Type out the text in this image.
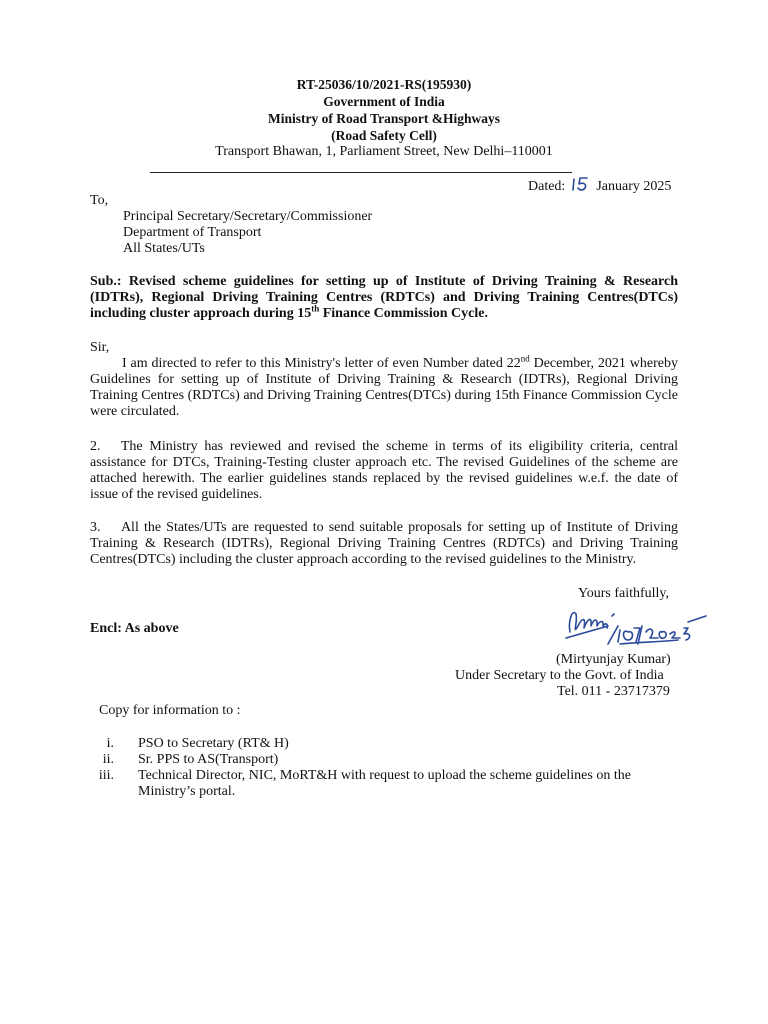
RT-25036/10/2021-RS(195930)
Government of India
Ministry of Road Transport &Highways
(Road Safety Cell)
Transport Bhawan, 1, Parliament Street, New Delhi–110001
Dated: January 2025
To,
Principal Secretary/Secretary/Commissioner
Department of Transport
All States/UTs
Sub.: Revised scheme guidelines for setting up of Institute of Driving Training & Research (IDTRs), Regional Driving Training Centres (RDTCs) and Driving Training Centres(DTCs) including cluster approach during 15th Finance Commission Cycle.
Sir,
I am directed to refer to this Ministry's letter of even Number dated 22nd December, 2021 whereby Guidelines for setting up of Institute of Driving Training & Research (IDTRs), Regional Driving Training Centres (RDTCs) and Driving Training Centres(DTCs) during 15th Finance Commission Cycle were circulated.
2.   The Ministry has reviewed and revised the scheme in terms of its eligibility criteria, central assistance for DTCs, Training-Testing cluster approach etc. The revised Guidelines of the scheme are attached herewith. The earlier guidelines stands replaced by the revised guidelines w.e.f. the date of issue of the revised guidelines.
3.    All the States/UTs are requested to send suitable proposals for setting up of Institute of Driving Training & Research (IDTRs), Regional Driving Training Centres (RDTCs) and Driving Training Centres(DTCs) including the cluster approach according to the revised guidelines to the Ministry.
Yours faithfully,
Encl: As above
(Mirtyunjay Kumar)
Under Secretary to the Govt. of India
Tel. 011 - 23717379
Copy for information to :
i. PSO to Secretary (RT& H)
ii. Sr. PPS to AS(Transport)
iii. Technical Director, NIC, MoRT&H with request to upload the scheme guidelines on the Ministry’s portal.
